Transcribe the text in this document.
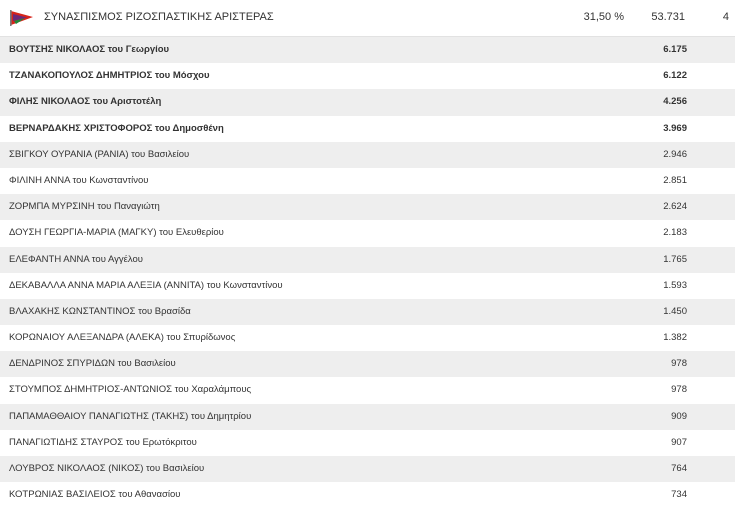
ΣΥΝΑΣΠΙΣΜΟΣ ΡΙΖΟΣΠΑΣΤΙΚΗΣ ΑΡΙΣΤΕΡΑΣ	31,50 %	53.731	4
ΒΟΥΤΣΗΣ ΝΙΚΟΛΑΟΣ του Γεωργίου	6.175
ΤΖΑΝΑΚΟΠΟΥΛΟΣ ΔΗΜΗΤΡΙΟΣ του Μόσχου	6.122
ΦΙΛΗΣ ΝΙΚΟΛΑΟΣ του Αριστοτέλη	4.256
ΒΕΡΝΑΡΔΑΚΗΣ ΧΡΙΣΤΟΦΟΡΟΣ του Δημοσθένη	3.969
ΣΒΙΓΚΟΥ ΟΥΡΑΝΙΑ (ΡΑΝΙΑ) του Βασιλείου	2.946
ΦΙΛΙΝΗ ΑΝΝΑ του Κωνσταντίνου	2.851
ΖΟΡΜΠΑ ΜΥΡΣΙΝΗ του Παναγιώτη	2.624
ΔΟΥΣΗ ΓΕΩΡΓΙΑ-ΜΑΡΙΑ (ΜΑΓΚΥ) του Ελευθερίου	2.183
ΕΛΕΦΑΝΤΗ ΑΝΝΑ του Αγγέλου	1.765
ΔΕΚΑΒΑΛΛΑ ΑΝΝΑ ΜΑΡΙΑ ΑΛΕΞΙΑ (ΑΝΝΙΤΑ) του Κωνσταντίνου	1.593
ΒΛΑΧΑΚΗΣ ΚΩΝΣΤΑΝΤΙΝΟΣ του Βρασίδα	1.450
ΚΟΡΩΝΑΙΟΥ ΑΛΕΞΑΝΔΡΑ (ΑΛΕΚΑ) του Σπυρίδωνος	1.382
ΔΕΝΔΡΙΝΟΣ ΣΠΥΡΙΔΩΝ του Βασιλείου	978
ΣΤΟΥΜΠΟΣ ΔΗΜΗΤΡΙΟΣ-ΑΝΤΩΝΙΟΣ του Χαραλάμπους	978
ΠΑΠΑΜΑΘΘΑΙΟΥ ΠΑΝΑΓΙΩΤΗΣ (ΤΑΚΗΣ) του Δημητρίου	909
ΠΑΝΑΓΙΩΤΙΔΗΣ ΣΤΑΥΡΟΣ του Ερωτόκριτου	907
ΛΟΥΒΡΟΣ ΝΙΚΟΛΑΟΣ (ΝΙΚΟΣ) του Βασιλείου	764
ΚΟΤΡΩΝΙΑΣ ΒΑΣΙΛΕΙΟΣ του Αθανασίου	734
